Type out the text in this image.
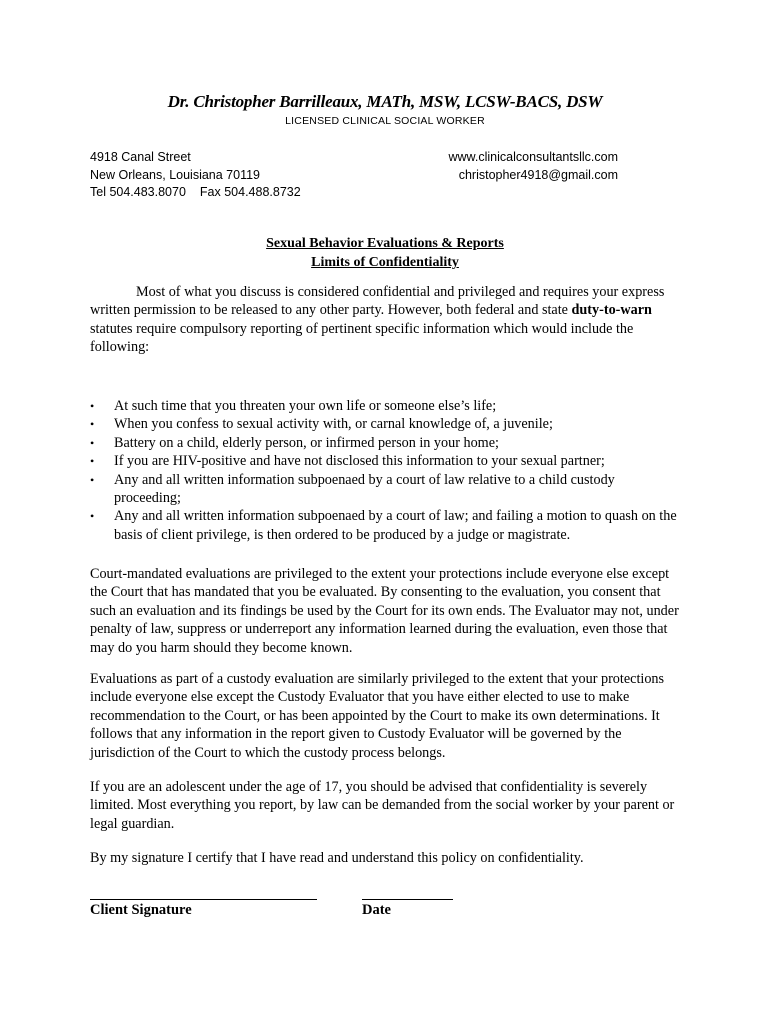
Dr. Christopher Barrilleaux, MATh, MSW, LCSW-BACS, DSW
LICENSED CLINICAL SOCIAL WORKER
4918 Canal Street
New Orleans, Louisiana 70119
Tel 504.483.8070 Fax 504.488.8732
www.clinicalconsultantsllc.com
christopher4918@gmail.com
Sexual Behavior Evaluations & Reports
Limits of Confidentiality
Most of what you discuss is considered confidential and privileged and requires your express written permission to be released to any other party. However, both federal and state duty-to-warn statutes require compulsory reporting of pertinent specific information which would include the following:
•	At such time that you threaten your own life or someone else’s life;
•	When you confess to sexual activity with, or carnal knowledge of, a juvenile;
•	Battery on a child, elderly person, or infirmed person in your home;
•	If you are HIV-positive and have not disclosed this information to your sexual partner;
•	Any and all written information subpoenaed by a court of law relative to a child custody proceeding;
•	Any and all written information subpoenaed by a court of law; and failing a motion to quash on the basis of client privilege, is then ordered to be produced by a judge or magistrate.
Court-mandated evaluations are privileged to the extent your protections include everyone else except the Court that has mandated that you be evaluated. By consenting to the evaluation, you consent that such an evaluation and its findings be used by the Court for its own ends. The Evaluator may not, under penalty of law, suppress or underreport any information learned during the evaluation, even those that may do you harm should they become known.
Evaluations as part of a custody evaluation are similarly privileged to the extent that your protections include everyone else except the Custody Evaluator that you have either elected to use to make recommendation to the Court, or has been appointed by the Court to make its own determinations. It follows that any information in the report given to Custody Evaluator will be governed by the jurisdiction of the Court to which the custody process belongs.
If you are an adolescent under the age of 17, you should be advised that confidentiality is severely limited. Most everything you report, by law can be demanded from the social worker by your parent or legal guardian.
By my signature I certify that I have read and understand this policy on confidentiality.
Client Signature	Date
